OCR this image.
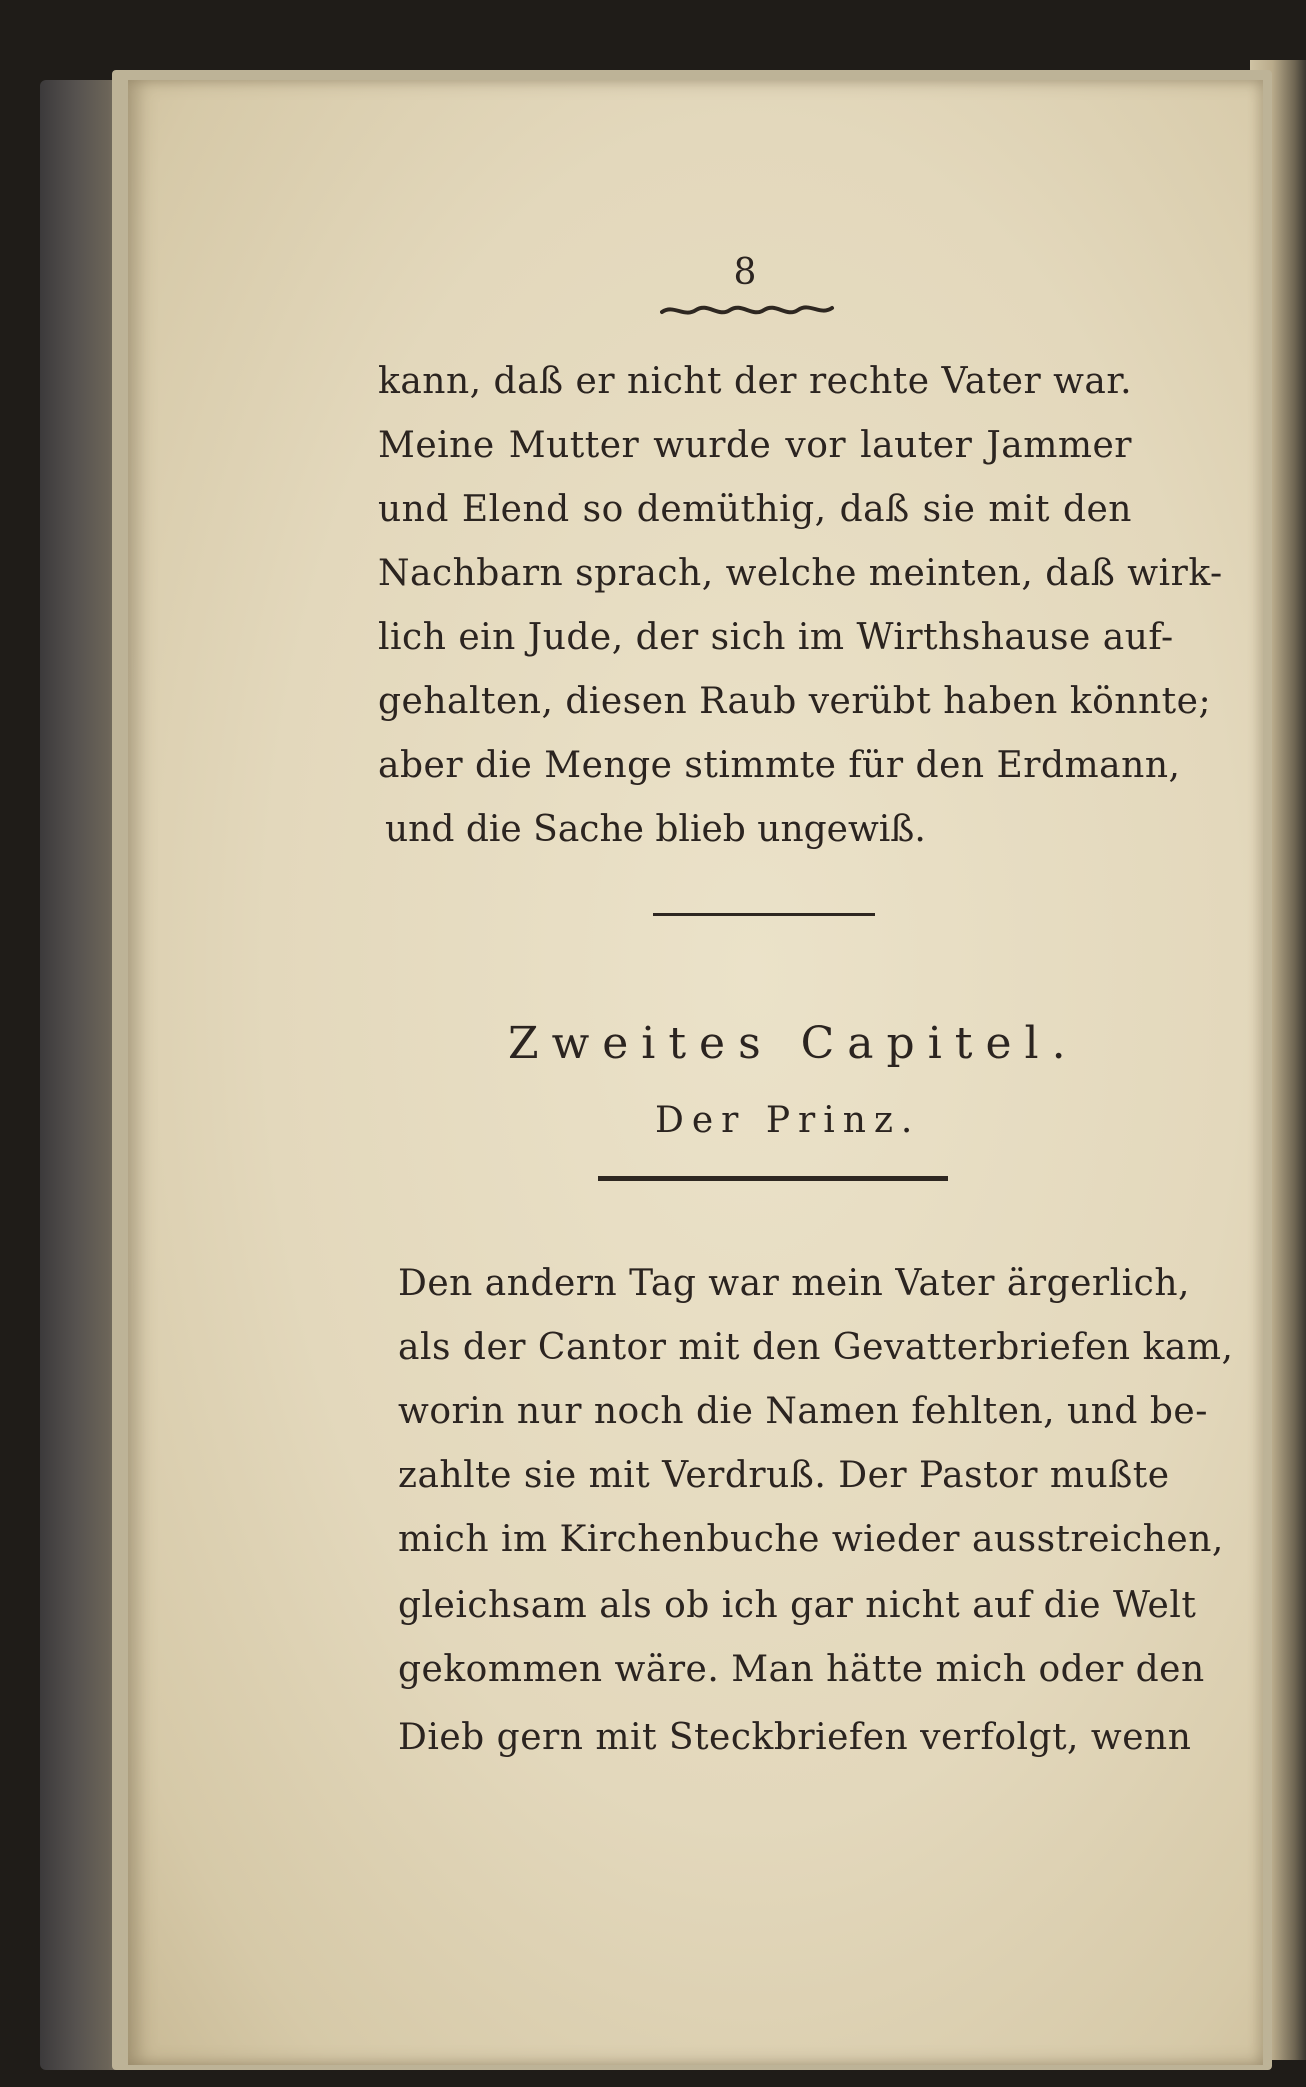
8
kann, daß er nicht der rechte Vater war.
Meine Mutter wurde vor lauter Jammer
und Elend so demüthig, daß sie mit den
Nachbarn sprach, welche meinten, daß wirk-
lich ein Jude, der sich im Wirthshause auf-
gehalten, diesen Raub verübt haben könnte;
aber die Menge stimmte für den Erdmann,
und die Sache blieb ungewiß.
Zweites Capitel.
Der Prinz.
Den andern Tag war mein Vater ärgerlich,
als der Cantor mit den Gevatterbriefen kam,
worin nur noch die Namen fehlten, und be-
zahlte sie mit Verdruß. Der Pastor mußte
mich im Kirchenbuche wieder ausstreichen,
gleichsam als ob ich gar nicht auf die Welt
gekommen wäre. Man hätte mich oder den
Dieb gern mit Steckbriefen verfolgt, wenn
